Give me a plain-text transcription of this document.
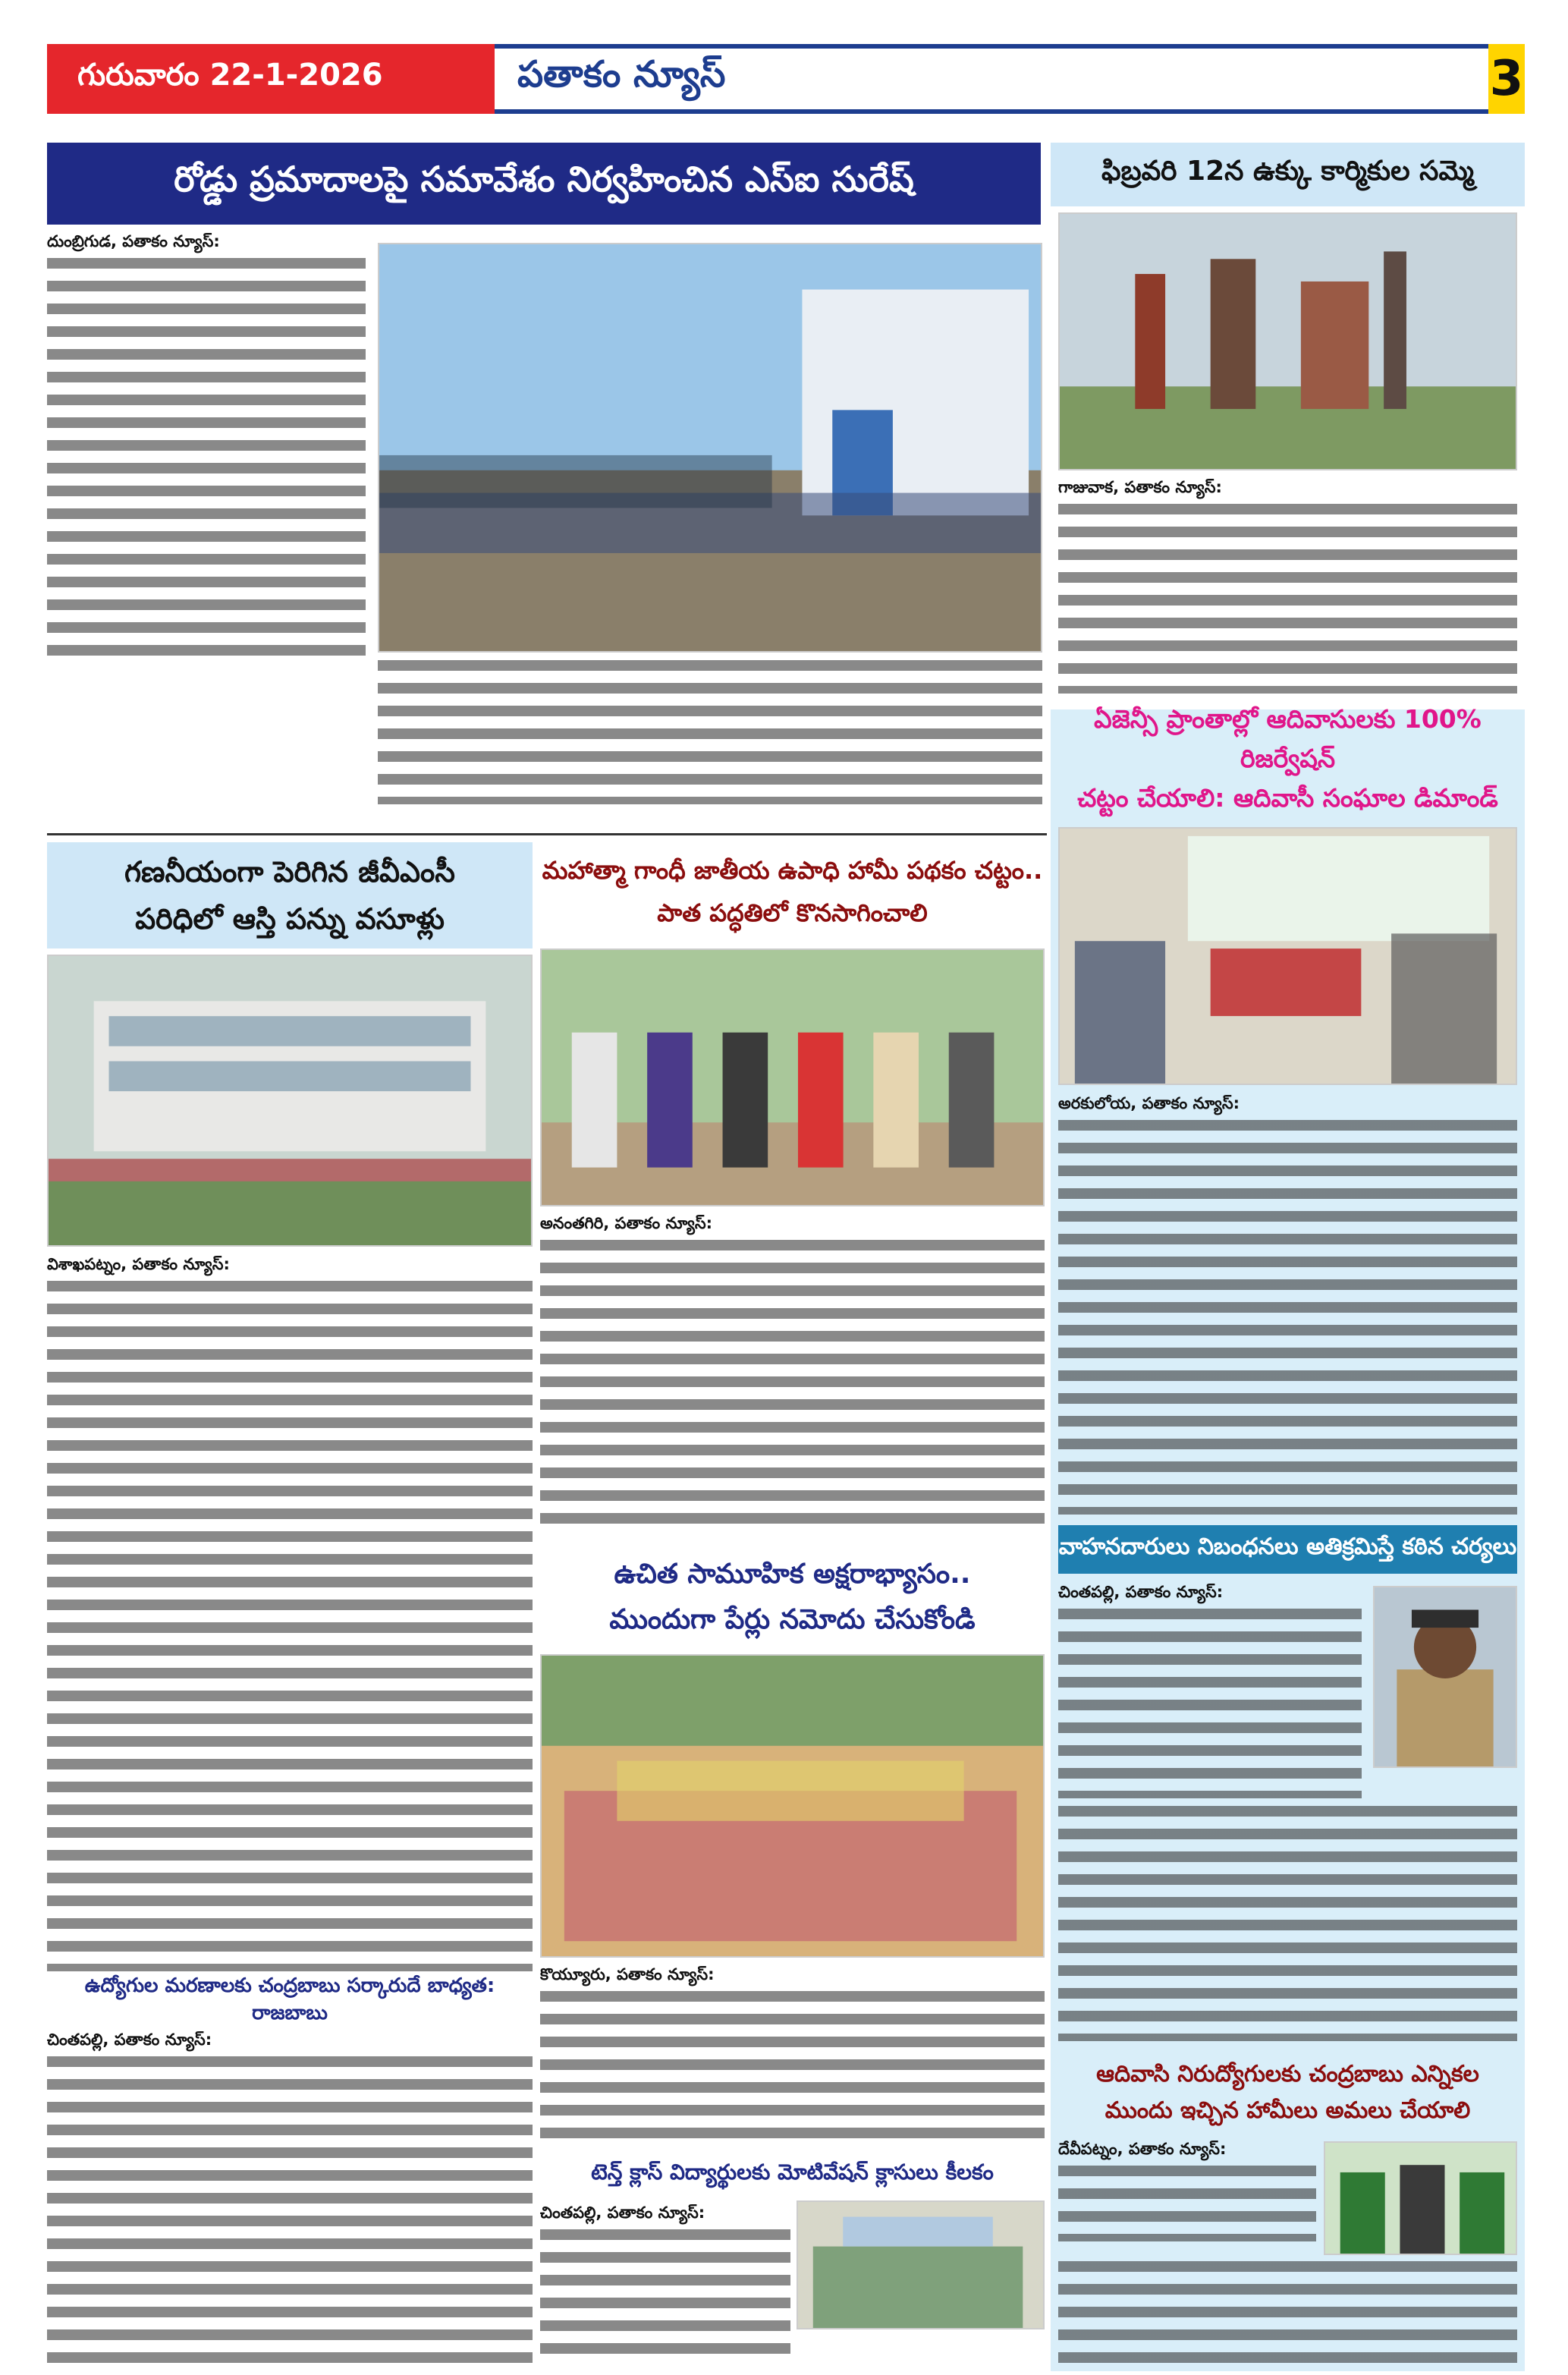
గురువారం 22-1-2026	పతాకం న్యూస్	3
రోడ్డు ప్రమాదాలపై సమావేశం నిర్వహించిన ఎస్ఐ సురేష్
దుంబ్రిగుడ, పతాకం న్యూస్:
ఫిబ్రవరి 12న ఉక్కు కార్మికుల సమ్మె
గాజువాక, పతాకం న్యూస్:
ఏజెన్సీ ప్రాంతాల్లో ఆదివాసులకు 100% రిజర్వేషన్
చట్టం చేయాలి: ఆదివాసీ సంఘాల డిమాండ్
అరకులోయ, పతాకం న్యూస్:
వాహనదారులు నిబంధనలు అతిక్రమిస్తే కఠిన చర్యలు
చింతపల్లి, పతాకం న్యూస్:
ఆదివాసి నిరుద్యోగులకు చంద్రబాబు ఎన్నికల
ముందు ఇచ్చిన హామీలు అమలు చేయాలి
దేవీపట్నం, పతాకం న్యూస్:
గణనీయంగా పెరిగిన జీవీఎంసీ
పరిధిలో ఆస్తి పన్ను వసూళ్లు
విశాఖపట్నం, పతాకం న్యూస్:
ఉద్యోగుల మరణాలకు చంద్రబాబు సర్కారుదే బాధ్యత: రాజబాబు
చింతపల్లి, పతాకం న్యూస్:
మహాత్మా గాంధీ జాతీయ ఉపాధి హామీ పథకం చట్టం..
పాత పద్ధతిలో కొనసాగించాలి
అనంతగిరి, పతాకం న్యూస్:
ఉచిత సామూహిక అక్షరాభ్యాసం..
ముందుగా పేర్లు నమోదు చేసుకోండి
కొయ్యూరు, పతాకం న్యూస్:
టెన్త్ క్లాస్ విద్యార్థులకు మోటివేషన్ క్లాసులు కీలకం
చింతపల్లి, పతాకం న్యూస్:
